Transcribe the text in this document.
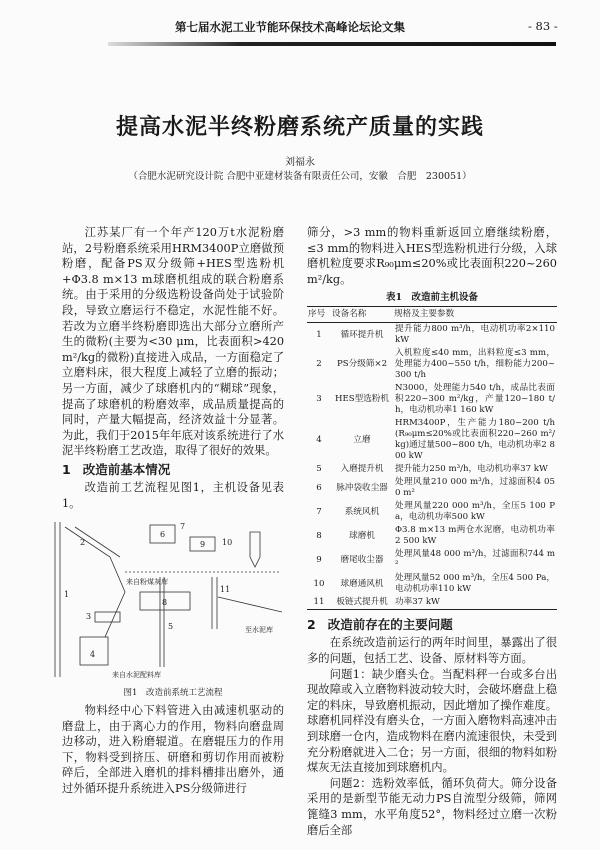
第七届水泥工业节能环保技术高峰论坛论文集	- 83 -
提高水泥半终粉磨系统产质量的实践
刘福永
（合肥水泥研究设计院 合肥中亚建材装备有限责任公司，安徽　合肥　230051）

江苏某厂有一个年产120万t水泥粉磨站，2号粉磨系统采用HRM3400P立磨做预粉磨，配备PS双分级筛+HES型选粉机+Φ3.8 m×13 m球磨机组成的联合粉磨系统。由于采用的分级选粉设备尚处于试验阶段，导致立磨运行不稳定，水泥性能不好。若改为立磨半终粉磨即选出大部分立磨所产生的微粉(主要为<30 μm，比表面积>420 m²/kg的微粉)直接进入成品，一方面稳定了立磨料床，很大程度上减轻了立磨的振动；另一方面，减少了球磨机内的“糊球”现象，提高了球磨机的粉磨效率，成品质量提高的同时，产量大幅提高，经济效益十分显著。为此，我们于2015年年底对该系统进行了水泥半终粉磨工艺改造，取得了很好的效果。

1 改造前基本情况

改造前工艺流程见图1，主机设备见表1。

1
2
3
4
5
6
7
8
9 10
11
来自粉煤灰库
来自水泥配料库
至水泥库
图1　改造前系统工艺流程

物料经中心下料管进入由减速机驱动的磨盘上，由于离心力的作用，物料向磨盘周边移动，进入粉磨辊道。在磨辊压力的作用下，物料受到挤压、研磨和剪切作用而被粉碎后，全部进入磨机的排料槽排出磨外，通过外循环提升系统进入PS分级筛进行

筛分，>3 mm的物料重新返回立磨继续粉磨，≤3 mm的物料进入HES型选粉机进行分级，入球磨机粒度要求R₉₀μm≤20%或比表面积220~260 m²/kg。

表1　改造前主机设备
序号	设备名称	规格及主要参数
1	循环提升机	提升能力800 m³/h，电动机功率2×110 kW
2	PS分级筛×2	入机粒度≤40 mm，出料粒度≤3 mm，处理能力400~550 t/h，细粉能力200~300 t/h
3	HES型选粉机	N3000，处理能力540 t/h，成品比表面积220~300 m²/kg，产量120~180 t/h，电动机功率1 160 kW
4	立磨	HRM3400P，生产能力180~200 t/h (R₉₀μm≤20%或比表面积220~260 m²/kg)通过量500~800 t/h，电动机功率2 800 kW
5	入磨提升机	提升能力250 m³/h，电动机功率37 kW
6	脉冲袋收尘器	处理风量210 000 m³/h，过滤面积4 050 m²
7	系统风机	处理风量220 000 m³/h，全压5 100 Pa，电动机功率500 kW
8	球磨机	Φ3.8 m×13 m两仓水泥磨，电动机功率2 500 kW
9	磨尾收尘器	处理风量48 000 m³/h，过滤面积744 m²
10	球磨通风机	处理风量52 000 m³/h，全压4 500 Pa，电动机功率110 kW
11	板链式提升机	功率37 kW
2 改造前存在的主要问题

在系统改造前运行的两年时间里，暴露出了很多的问题，包括工艺、设备、原材料等方面。

问题1：缺少磨头仓。当配料秤一台或多台出现故障或入立磨物料波动较大时，会破坏磨盘上稳定的料床，导致磨机振动，因此增加了操作难度。球磨机同样没有磨头仓，一方面入磨物料高速冲击到球磨一仓内，造成物料在磨内流速很快，未受到充分粉磨就进入二仓；另一方面，很细的物料如粉煤灰无法直接加到球磨机内。

问题2：选粉效率低，循环负荷大。筛分设备采用的是新型节能无动力PS自流型分级筛，筛网篦缝3 mm，水平角度52°，物料经过立磨一次粉磨后全部
